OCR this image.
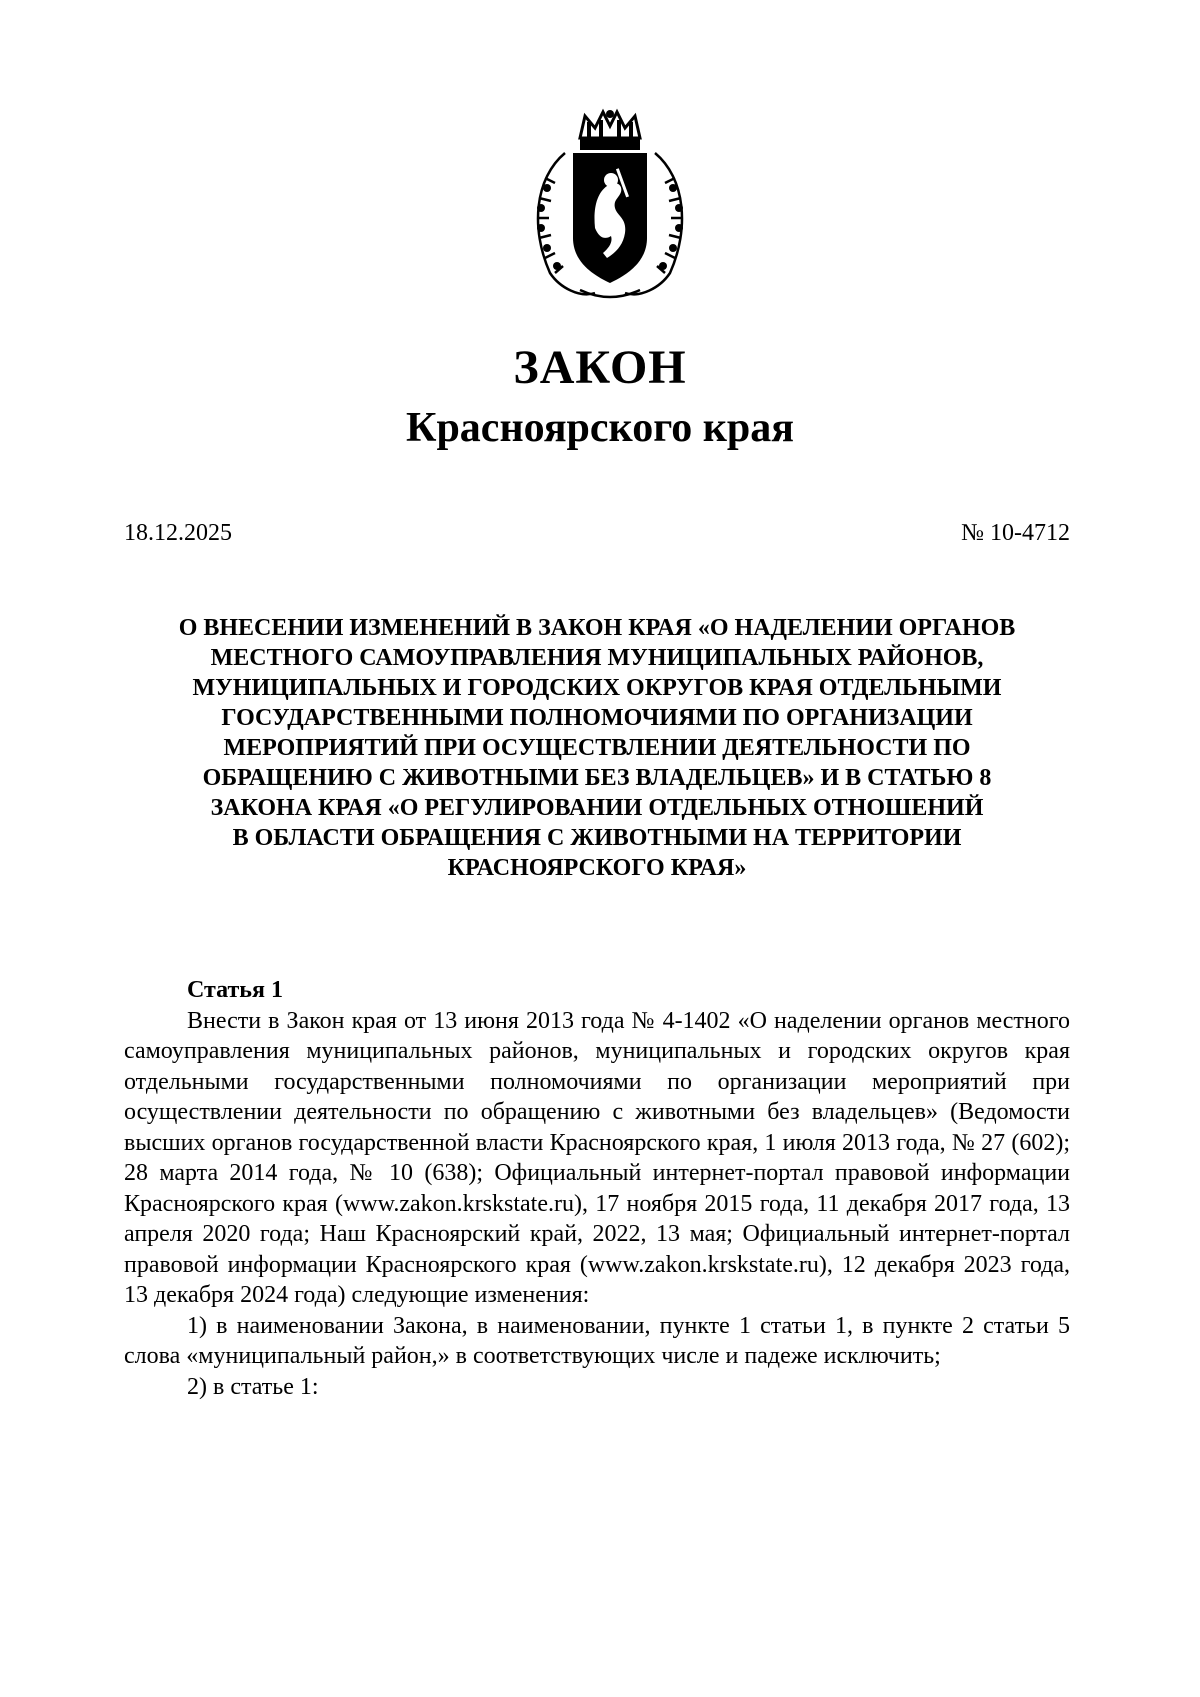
ЗАКОН
Красноярского края
18.12.2025	№ 10-4712
О ВНЕСЕНИИ ИЗМЕНЕНИЙ В ЗАКОН КРАЯ «О НАДЕЛЕНИИ ОРГАНОВ
МЕСТНОГО САМОУПРАВЛЕНИЯ МУНИЦИПАЛЬНЫХ РАЙОНОВ,
МУНИЦИПАЛЬНЫХ И ГОРОДСКИХ ОКРУГОВ КРАЯ ОТДЕЛЬНЫМИ
ГОСУДАРСТВЕННЫМИ ПОЛНОМОЧИЯМИ ПО ОРГАНИЗАЦИИ
МЕРОПРИЯТИЙ ПРИ ОСУЩЕСТВЛЕНИИ ДЕЯТЕЛЬНОСТИ ПО
ОБРАЩЕНИЮ С ЖИВОТНЫМИ БЕЗ ВЛАДЕЛЬЦЕВ» И В СТАТЬЮ 8
ЗАКОНА КРАЯ «О РЕГУЛИРОВАНИИ ОТДЕЛЬНЫХ ОТНОШЕНИЙ
В ОБЛАСТИ ОБРАЩЕНИЯ С ЖИВОТНЫМИ НА ТЕРРИТОРИИ
КРАСНОЯРСКОГО КРАЯ»
Статья 1

Внести в Закон края от 13 июня 2013 года № 4-1402 «О наделении органов местного самоуправления муниципальных районов, муниципальных и городских округов края отдельными государственными полномочиями по организации мероприятий при осуществлении деятельности по обращению с животными без владельцев» (Ведомости высших органов государственной власти Красноярского края, 1 июля 2013 года, № 27 (602); 28 марта 2014 года, № 10 (638); Официальный интернет-портал правовой информации Красноярского края (www.zakon.krskstate.ru), 17 ноября 2015 года, 11 декабря 2017 года, 13 апреля 2020 года; Наш Красноярский край, 2022, 13 мая; Официальный интернет-портал правовой информации Красноярского края (www.zakon.krskstate.ru), 12 декабря 2023 года, 13 декабря 2024 года) следующие изменения:

1) в наименовании Закона, в наименовании, пункте 1 статьи 1, в пункте 2 статьи 5 слова «муниципальный район,» в соответствующих числе и падеже исключить;

2) в статье 1:
